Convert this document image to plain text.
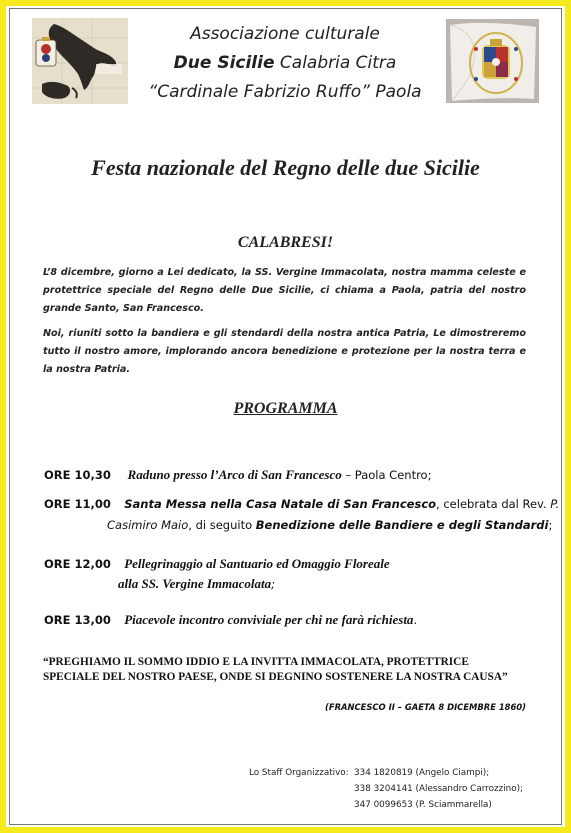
Associazione culturale
Due Sicilie Calabria Citra
“Cardinale Fabrizio Ruffo” Paola
Festa nazionale del Regno delle due Sicilie
CALABRESI!
L’8 dicembre, giorno a Lei dedicato, la SS. Vergine Immacolata, nostra mamma celeste e protettrice speciale del Regno delle Due Sicilie, ci chiama a Paola, patria del nostro grande Santo, San Francesco.
Noi, riuniti sotto la bandiera e gli stendardi della nostra antica Patria, Le dimostreremo tutto il nostro amore, implorando ancora benedizione e protezione per la nostra terra e la nostra Patria.
PROGRAMMA
ORE 10,30 Raduno presso l’Arco di San Francesco – Paola Centro;
ORE 11,00 Santa Messa nella Casa Natale di San Francesco, celebrata dal Rev. P.
Casimiro Maio, di seguito Benedizione delle Bandiere e degli Standardi;
ORE 12,00 Pellegrinaggio al Santuario ed Omaggio Floreale
alla SS. Vergine Immacolata;
ORE 13,00 Piacevole incontro conviviale per chi ne farà richiesta.
“PREGHIAMO IL SOMMO IDDIO E LA INVITTA IMMACOLATA, PROTETTRICE SPECIALE DEL NOSTRO PAESE, ONDE SI DEGNINO SOSTENERE LA NOSTRA CAUSA”
(FRANCESCO II – GAETA 8 DICEMBRE 1860)
Lo Staff Organizzativo: 334 1820819 (Angelo Ciampi);
338 3204141 (Alessandro Carrozzino);
347 0099653 (P. Sciammarella)
